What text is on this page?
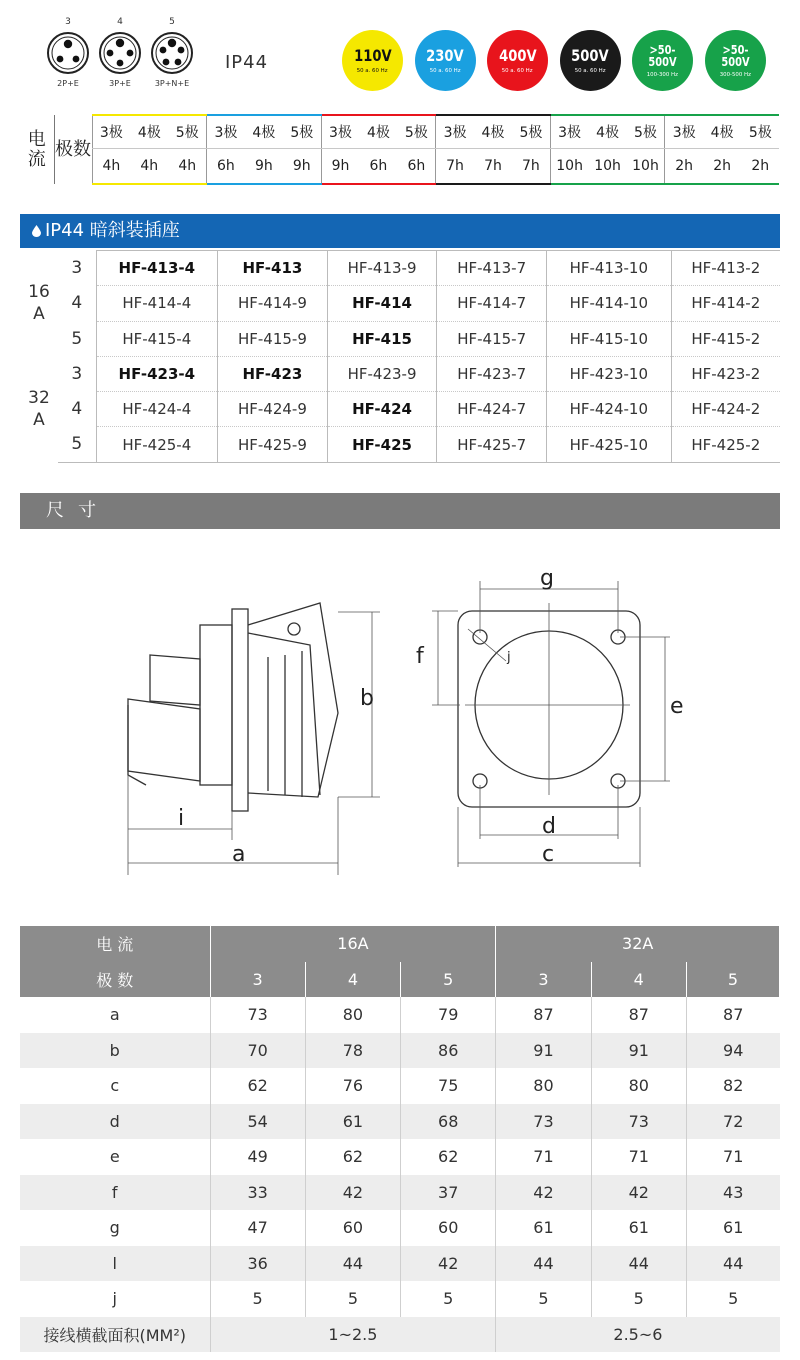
3
2P+E
4
3P+E
5
3P+N+E
IP44	110V
50 a. 60 Hz
230V
50 a. 60 Hz
400V
50 a. 60 Hz
500V
50 a. 60 Hz
>50-500V
100-300 Hz
>50-500V
300-500 Hz
电流	极数	3极	4极	5极	3极	4极	5极	3极	4极	5极	3极	4极	5极	3极	4极	5极	3极	4极	5极
		4h	4h	4h	6h	9h	9h	9h	6h	6h	7h	7h	7h	10h	10h	10h	2h	2h	2h
IP44 暗斜装插座
16 A	3	HF-413-4	HF-413	HF-413-9	HF-413-7	HF-413-10	HF-413-2
	4	HF-414-4	HF-414-9	HF-414	HF-414-7	HF-414-10	HF-414-2
	5	HF-415-4	HF-415-9	HF-415	HF-415-7	HF-415-10	HF-415-2
32 A	3	HF-423-4	HF-423	HF-423-9	HF-423-7	HF-423-10	HF-423-2
	4	HF-424-4	HF-424-9	HF-424	HF-424-7	HF-424-10	HF-424-2
	5	HF-425-4	HF-425-9	HF-425	HF-425-7	HF-425-10	HF-425-2
尺寸
b
i
a
g
f
e
d
c
j
电 流	16A			32A		
极 数	3	4	5	3	4	5
a	73	80	79	87	87	87
b	70	78	86	91	91	94
c	62	76	75	80	80	82
d	54	61	68	73	73	72
e	49	62	62	71	71	71
f	33	42	37	42	42	43
g	47	60	60	61	61	61
l	36	44	42	44	44	44
j	5	5	5	5	5	5
接线横截面积(MM²)	1~2.5			2.5~6		
